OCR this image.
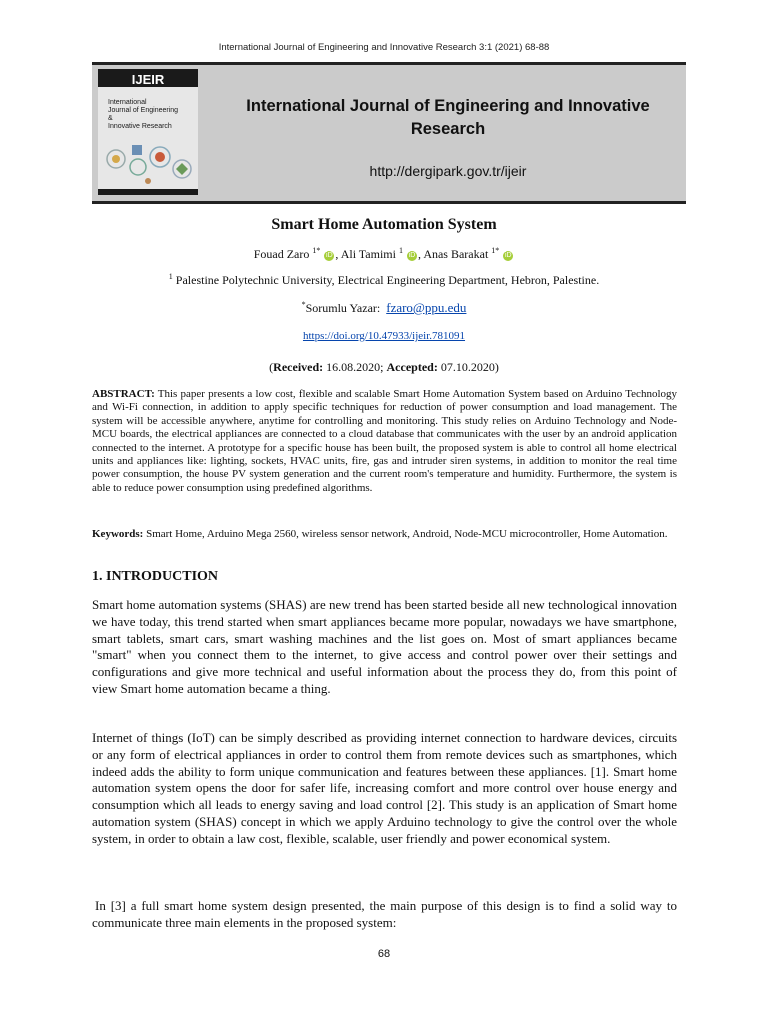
International Journal of Engineering and Innovative Research 3:1 (2021) 68-88
IJEIR
International
Journal of Engineering
&
Innovative Research
International Journal of Engineering and Innovative
Research
http://dergipark.gov.tr/ijeir
Smart Home Automation System
Fouad Zaro $^{1*}$ iD , Ali Tamimi $^1$ iD , Anas Barakat $^{1*}$ iD
$^1$ Palestine Polytechnic University, Electrical Engineering Department, Hebron, Palestine.
*Sorumlu Yazar: fzaro@ppu.edu
https://doi.org/10.47933/ijeir.781091
(Received: 16.08.2020; Accepted: 07.10.2020)
ABSTRACT: This paper presents a low cost, flexible and scalable Smart Home Automation System based on Arduino Technology and Wi-Fi connection, in addition to apply specific techniques for reduction of power consumption and load management. The system will be accessible anywhere, anytime for controlling and monitoring. This study relies on Arduino Technology and Node-MCU boards, the electrical appliances are connected to a cloud database that communicates with the user by an android application connected to the internet. A prototype for a specific house has been built, the proposed system is able to control all home electrical units and appliances like: lighting, sockets, HVAC units, fire, gas and intruder siren systems, in addition to monitor the real time power consumption, the house PV system generation and the current room's temperature and humidity. Furthermore, the system is able to reduce power consumption using predefined algorithms.
Keywords: Smart Home, Arduino Mega 2560, wireless sensor network, Android, Node-MCU microcontroller, Home Automation.
1. INTRODUCTION
Smart home automation systems (SHAS) are new trend has been started beside all new technological innovation we have today, this trend started when smart appliances became more popular, nowadays we have smartphone, smart tablets, smart cars, smart washing machines and the list goes on. Most of smart appliances became "smart" when you connect them to the internet, to give access and control power over their settings and configurations and give more technical and useful information about the process they do, from this point of view Smart home automation became a thing.
Internet of things (IoT) can be simply described as providing internet connection to hardware devices, circuits or any form of electrical appliances in order to control them from remote devices such as smartphones, which indeed adds the ability to form unique communication and features between these appliances. [1]. Smart home automation system opens the door for safer life, increasing comfort and more control over house energy and consumption which all leads to energy saving and load control [2]. This study is an application of Smart home automation system (SHAS) concept in which we apply Arduino technology to give the control over the whole system, in order to obtain a law cost, flexible, scalable, user friendly and power economical system.
In [3] a full smart home system design presented, the main purpose of this design is to find a solid way to communicate three main elements in the proposed system:
68
